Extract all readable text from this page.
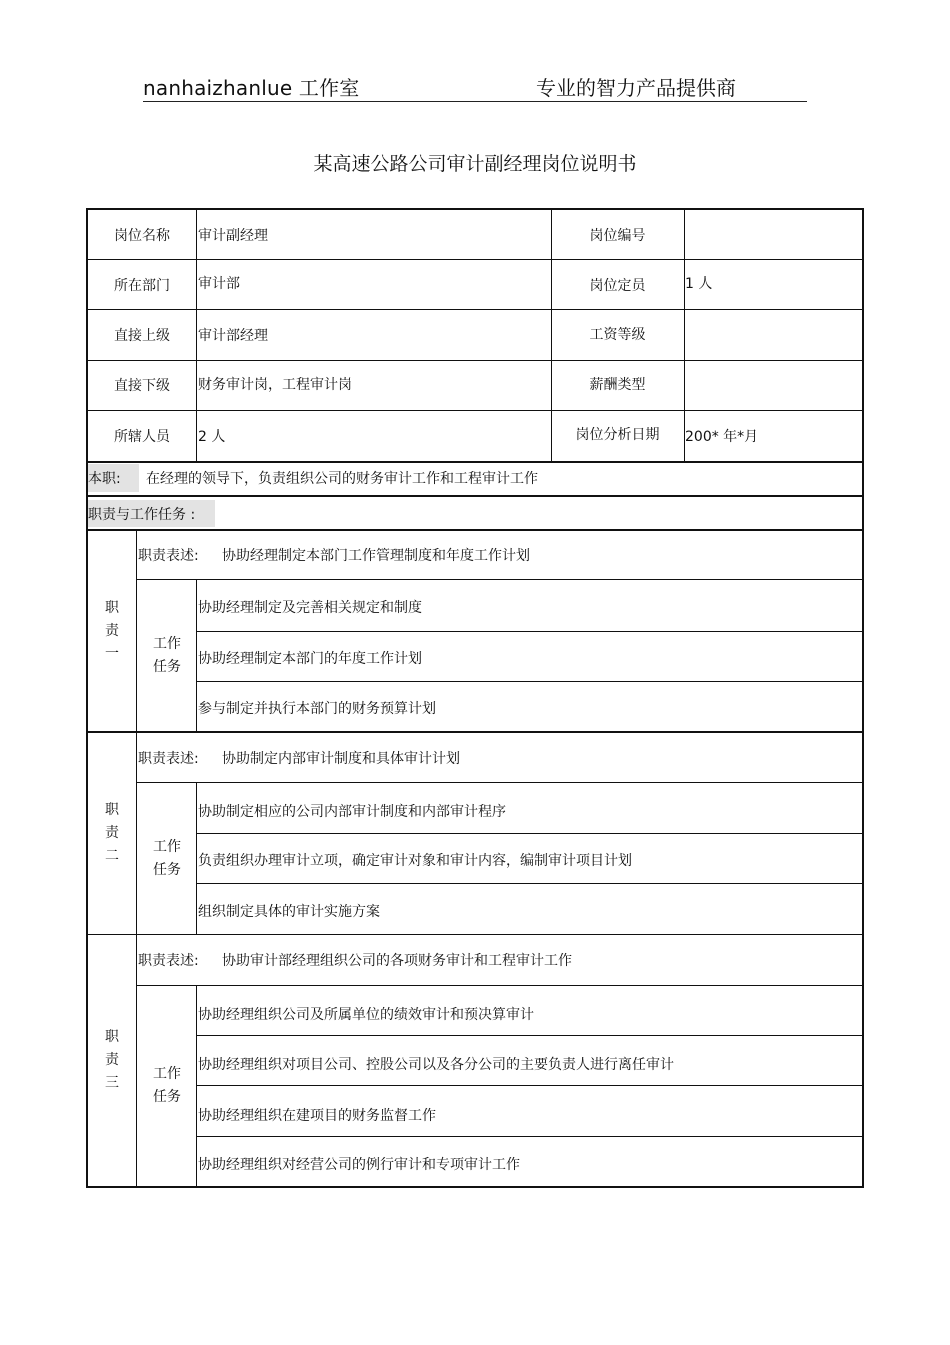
nanhaizhanlue 工作室	专业的智力产品提供商
某高速公路公司审计副经理岗位说明书
岗位名称	审计副经理	岗位编号
所在部门	审计部	岗位定员	1 人
直接上级	审计部经理	工资等级
直接下级	财务审计岗，工程审计岗	薪酬类型
所辖人员	2 人	岗位分析日期	200* 年*月
本职:	在经理的领导下，负责组织公司的财务审计工作和工程审计工作
职责与工作任务 :
职
责
一
职责表述:	协助经理制定本部门工作管理制度和年度工作计划
工作
任务
协助经理制定及完善相关规定和制度
协助经理制定本部门的年度工作计划
参与制定并执行本部门的财务预算计划
职
责
二
职责表述:	协助制定内部审计制度和具体审计计划
工作
任务
协助制定相应的公司内部审计制度和内部审计程序
负责组织办理审计立项，确定审计对象和审计内容，编制审计项目计划
组织制定具体的审计实施方案
职
责
三
职责表述:	协助审计部经理组织公司的各项财务审计和工程审计工作
工作
任务
协助经理组织公司及所属单位的绩效审计和预决算审计
协助经理组织对项目公司、控股公司以及各分公司的主要负责人进行离任审计
协助经理组织在建项目的财务监督工作
协助经理组织对经营公司的例行审计和专项审计工作
